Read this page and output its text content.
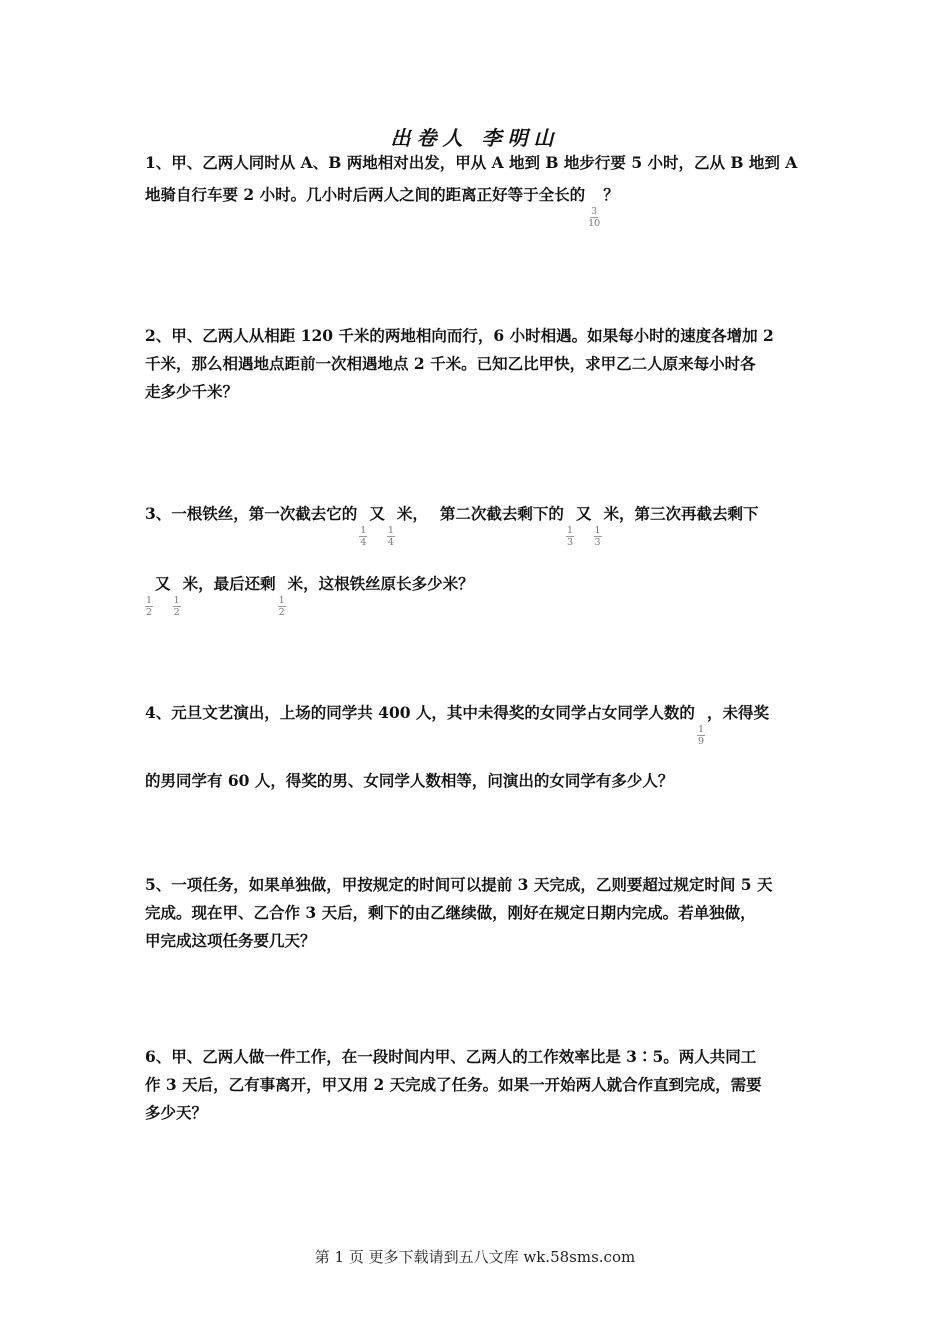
出卷人 李明山
1、甲、乙两人同时从 A、B 两地相对出发，甲从 A 地到 B 地步行要 5 小时，乙从 B 地到 A
地骑自行车要 2 小时。几小时后两人之间的距离正好等于全长的
$\frac{3}{10}$
？
2、甲、乙两人从相距 120 千米的两地相向而行，6 小时相遇。如果每小时的速度各增加 2
千米，那么相遇地点距前一次相遇地点 2 千米。已知乙比甲快，求甲乙二人原来每小时各
走多少千米？
3、一根铁丝，第一次截去它的
$\frac{1}{4}$
又
$\frac{1}{4}$
米， 第二次截去剩下的
$\frac{1}{3}$
又
$\frac{1}{3}$
米，第三次再截去剩下
$\frac{1}{2}$
又
$\frac{1}{2}$
米，最后还剩
$\frac{1}{2}$
米，这根铁丝原长多少米？
4、元旦文艺演出，上场的同学共 400 人，其中未得奖的女同学占女同学人数的
$\frac{1}{9}$
，未得奖
的男同学有 60 人，得奖的男、女同学人数相等，问演出的女同学有多少人？
5、一项任务，如果单独做，甲按规定的时间可以提前 3 天完成，乙则要超过规定时间 5 天
完成。现在甲、乙合作 3 天后，剩下的由乙继续做，刚好在规定日期内完成。若单独做，
甲完成这项任务要几天？
6、甲、乙两人做一件工作，在一段时间内甲、乙两人的工作效率比是 3∶5。两人共同工
作 3 天后，乙有事离开，甲又用 2 天完成了任务。如果一开始两人就合作直到完成，需要
多少天？
第 1 页 更多下载请到五八文库 wk.58sms.com
